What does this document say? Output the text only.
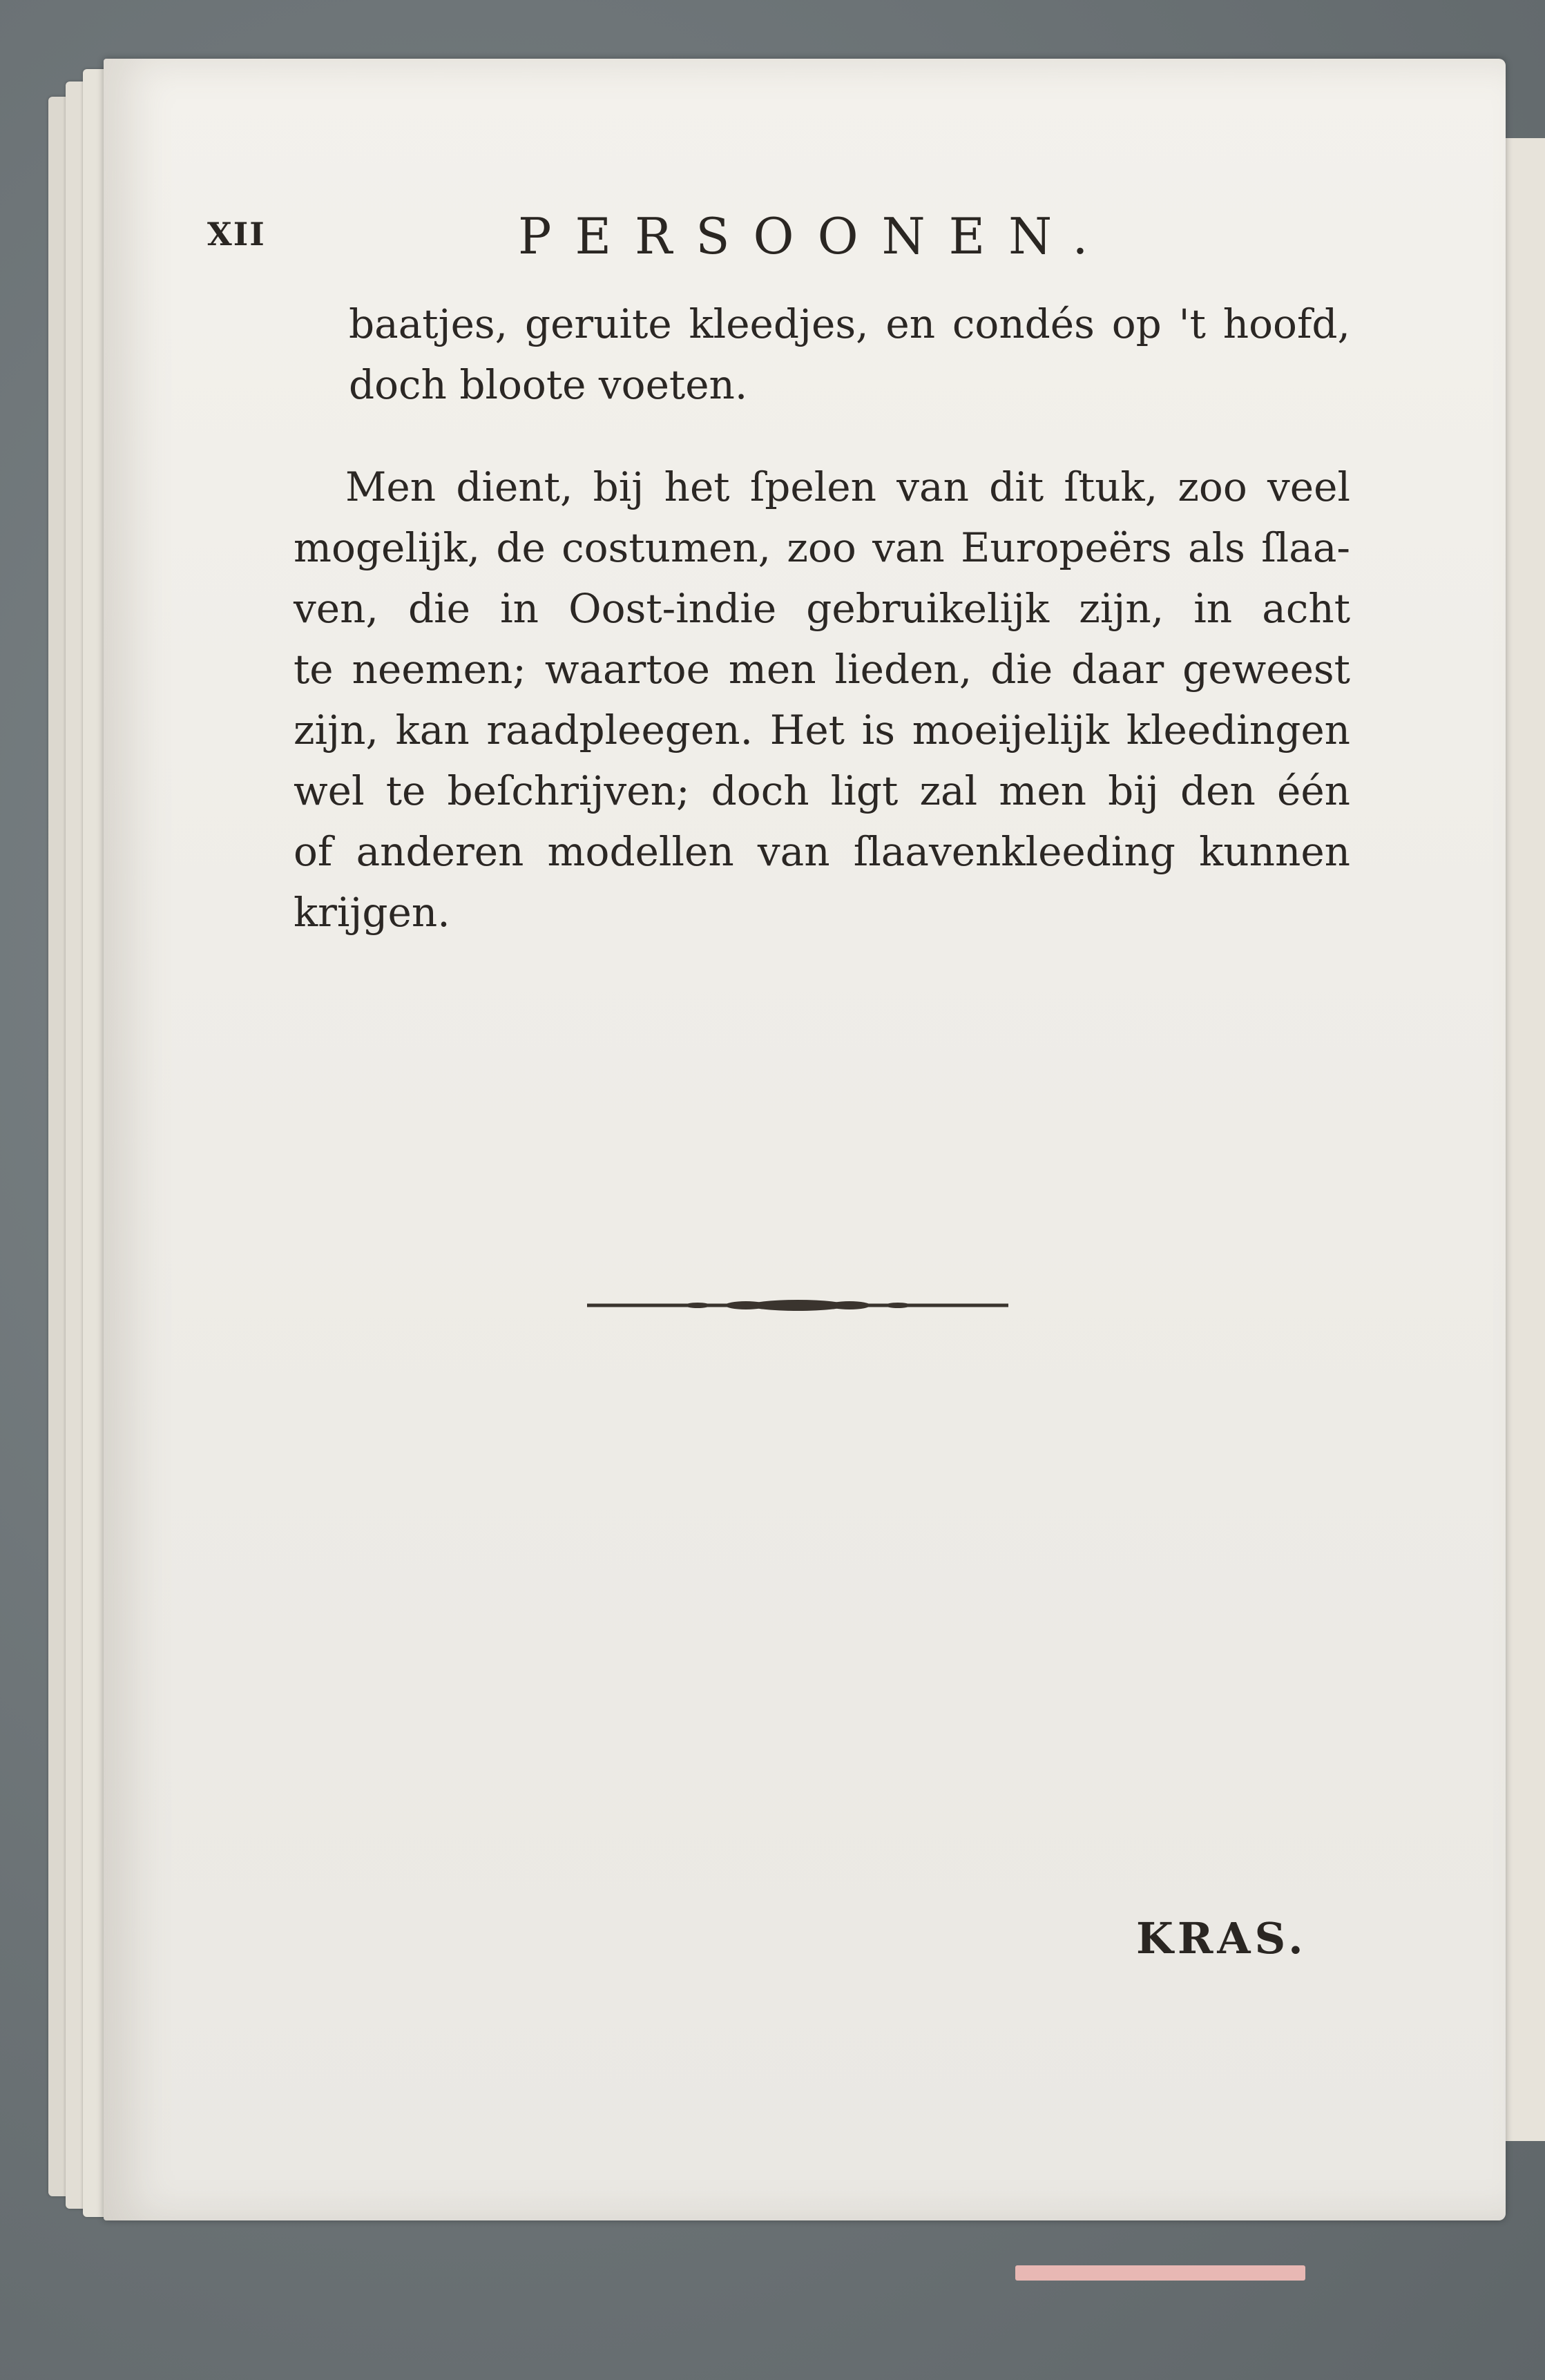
XII	PERSOONEN.

baatjes, geruite kleedjes, en condés op 't hoofd,
doch bloote voeten.

Men dient, bij het ſpelen van dit ſtuk, zoo veel
mogelijk, de costumen, zoo van Europeërs als ſlaa-
ven, die in Oost-indie gebruikelijk zijn, in acht
te neemen; waartoe men lieden, die daar geweest
zijn, kan raadpleegen. Het is moeijelijk kleedingen
wel te beſchrijven; doch ligt zal men bij den één
of anderen modellen van ſlaavenkleeding kunnen
krijgen.

KRAS.
